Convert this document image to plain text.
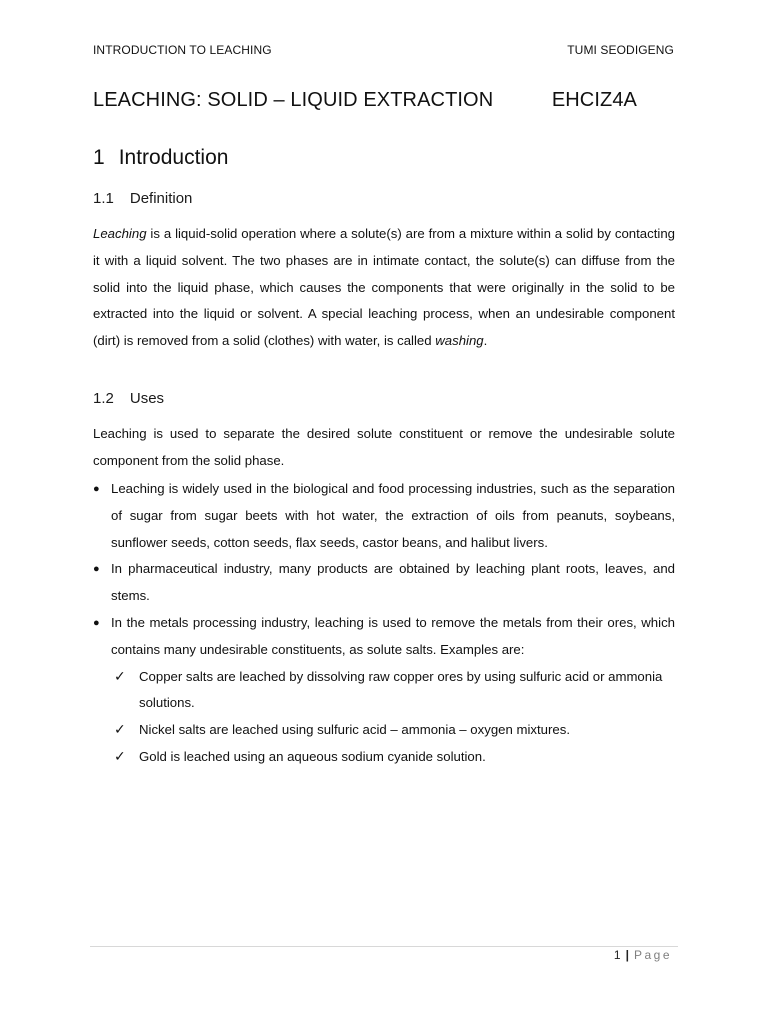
INTRODUCTION TO LEACHING	TUMI SEODIGENG
LEACHING: SOLID – LIQUID EXTRACTION	EHCIZ4A
1 Introduction
1.1 Definition

Leaching is a liquid-solid operation where a solute(s) are from a mixture within a solid by contacting it with a liquid solvent. The two phases are in intimate contact, the solute(s) can diffuse from the solid into the liquid phase, which causes the components that were originally in the solid to be extracted into the liquid or solvent. A special leaching process, when an undesirable component (dirt) is removed from a solid (clothes) with water, is called washing.

1.2 Uses

Leaching is used to separate the desired solute constituent or remove the undesirable solute component from the solid phase.

● Leaching is widely used in the biological and food processing industries, such as the separation of sugar from sugar beets with hot water, the extraction of oils from peanuts, soybeans, sunflower seeds, cotton seeds, flax seeds, castor beans, and halibut livers.
● In pharmaceutical industry, many products are obtained by leaching plant roots, leaves, and stems.
● In the metals processing industry, leaching is used to remove the metals from their ores, which contains many undesirable constituents, as solute salts. Examples are:
✓ Copper salts are leached by dissolving raw copper ores by using sulfuric acid or ammonia solutions.
✓ Nickel salts are leached using sulfuric acid – ammonia – oxygen mixtures.
✓ Gold is leached using an aqueous sodium cyanide solution.
1 | Page
